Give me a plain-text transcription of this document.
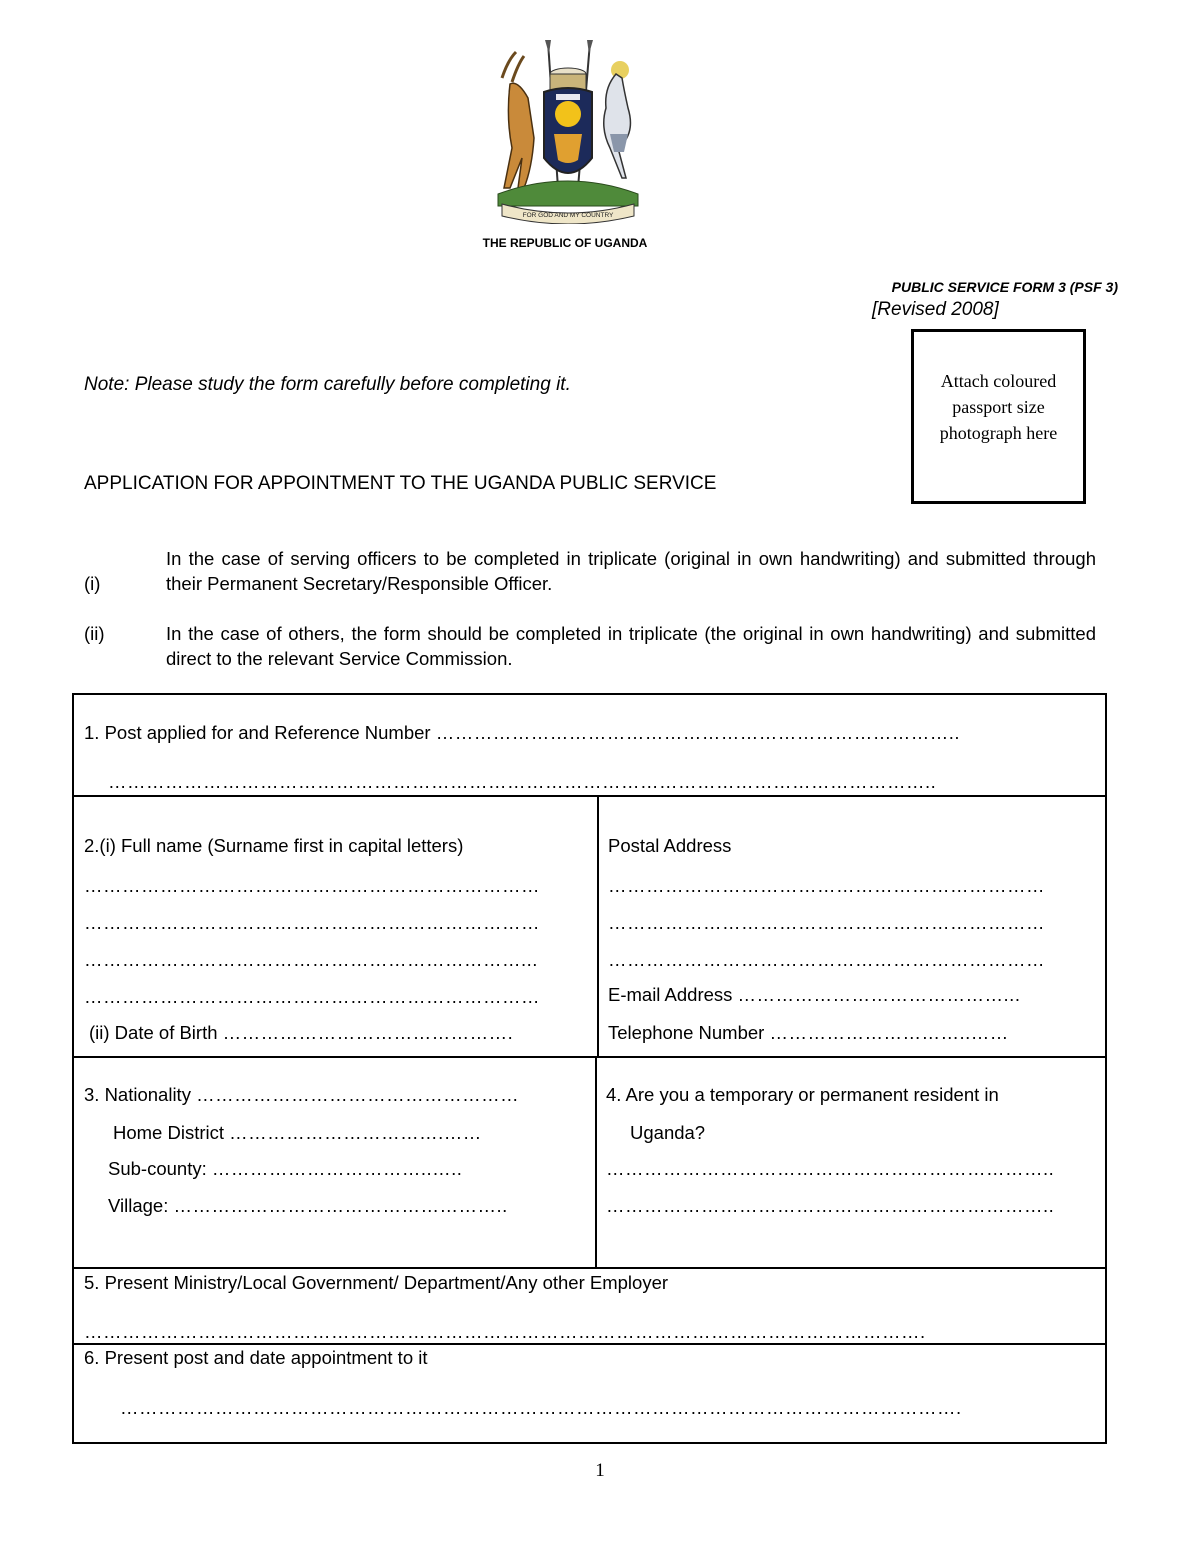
FOR GOD AND MY COUNTRY
THE REPUBLIC OF UGANDA
PUBLIC SERVICE FORM 3 (PSF 3)
[Revised 2008]
Attach coloured
passport size
photograph here
Note: Please study the form carefully before completing it.
APPLICATION FOR APPOINTMENT TO THE UGANDA PUBLIC SERVICE
(i)
In the case of serving officers to be completed in triplicate (original in own handwriting) and submitted through their Permanent Secretary/Responsible Officer.
(ii)	In the case of others, the form should be completed in triplicate (the original in own handwriting) and submitted direct to the relevant Service Commission.
1. Post applied for and Reference Number ………………………………………………………………………..
…………………………………………………………………………………………………………………..
2.(i) Full name (Surname first in capital letters)
………………………………………………………………
………………………………………………………………
……………………………………………………………...
………………………………………………………………
(ii) Date of Birth ……………………………………….
Postal Address
……………………………………………………………
……………………………………………………………
……………………………………………………………
E-mail Address ……………………………………...
Telephone Number …………………………..……
3. Nationality ……………………………………………
Home District …………………………….……
Sub-county: ……………………………..…..
Village: ……………………………………………..
4. Are you a temporary or permanent resident in
Uganda?
……………………………………………………………..
……………………………………………………………..
5. Present Ministry/Local Government/ Department/Any other Employer
…………………………………………………………………………………………………………………….
6. Present post and date appointment to it
…………………………………………………………………………………………………………………….
1
